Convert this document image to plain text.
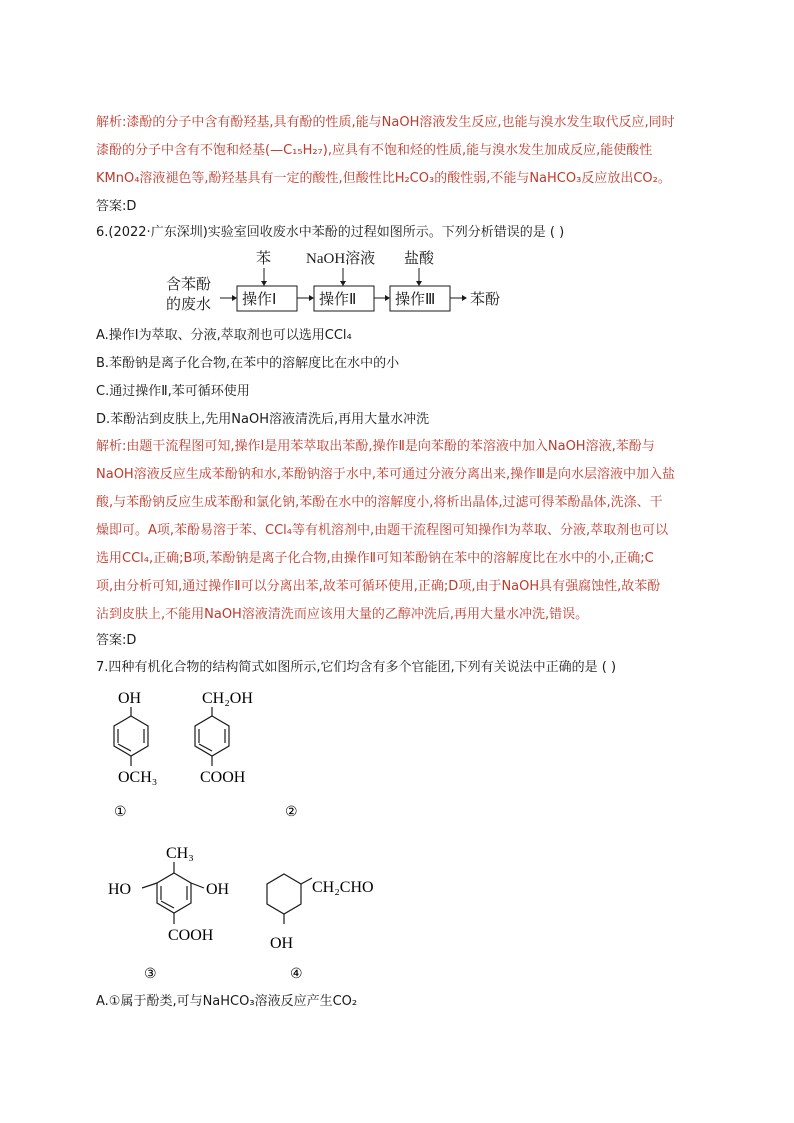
解析:漆酚的分子中含有酚羟基,具有酚的性质,能与NaOH溶液发生反应,也能与溴水发生取代反应,同时
漆酚的分子中含有不饱和烃基(—C₁₅H₂₇),应具有不饱和烃的性质,能与溴水发生加成反应,能使酸性
KMnO₄溶液褪色等,酚羟基具有一定的酸性,但酸性比H₂CO₃的酸性弱,不能与NaHCO₃反应放出CO₂。
答案:D
6.(2022·广东深圳)实验室回收废水中苯酚的过程如图所示。下列分析错误的是 ( )
含苯酚
的废水
苯 NaOH溶液 盐酸
操作Ⅰ	操作Ⅱ	操作Ⅲ 苯酚
A.操作Ⅰ为萃取、分液,萃取剂也可以选用CCl₄
B.苯酚钠是离子化合物,在苯中的溶解度比在水中的小
C.通过操作Ⅱ,苯可循环使用
D.苯酚沾到皮肤上,先用NaOH溶液清洗后,再用大量水冲洗
解析:由题干流程图可知,操作Ⅰ是用苯萃取出苯酚,操作Ⅱ是向苯酚的苯溶液中加入NaOH溶液,苯酚与
NaOH溶液反应生成苯酚钠和水,苯酚钠溶于水中,苯可通过分液分离出来,操作Ⅲ是向水层溶液中加入盐
酸,与苯酚钠反应生成苯酚和氯化钠,苯酚在水中的溶解度小,将析出晶体,过滤可得苯酚晶体,洗涤、干
燥即可。A项,苯酚易溶于苯、CCl₄等有机溶剂中,由题干流程图可知操作Ⅰ为萃取、分液,萃取剂也可以
选用CCl₄,正确;B项,苯酚钠是离子化合物,由操作Ⅱ可知苯酚钠在苯中的溶解度比在水中的小,正确;C
项,由分析可知,通过操作Ⅱ可以分离出苯,故苯可循环使用,正确;D项,由于NaOH具有强腐蚀性,故苯酚
沾到皮肤上,不能用NaOH溶液清洗而应该用大量的乙醇冲洗后,再用大量水冲洗,错误。
答案:D
7.四种有机化合物的结构简式如图所示,它们均含有多个官能团,下列有关说法中正确的是 ( )
OH
OCH₃
①
CH₂OH
COOH
②
CH₃
HO	OH
COOH
③
CH₂CHO
OH
④
A.①属于酚类,可与NaHCO₃溶液反应产生CO₂
